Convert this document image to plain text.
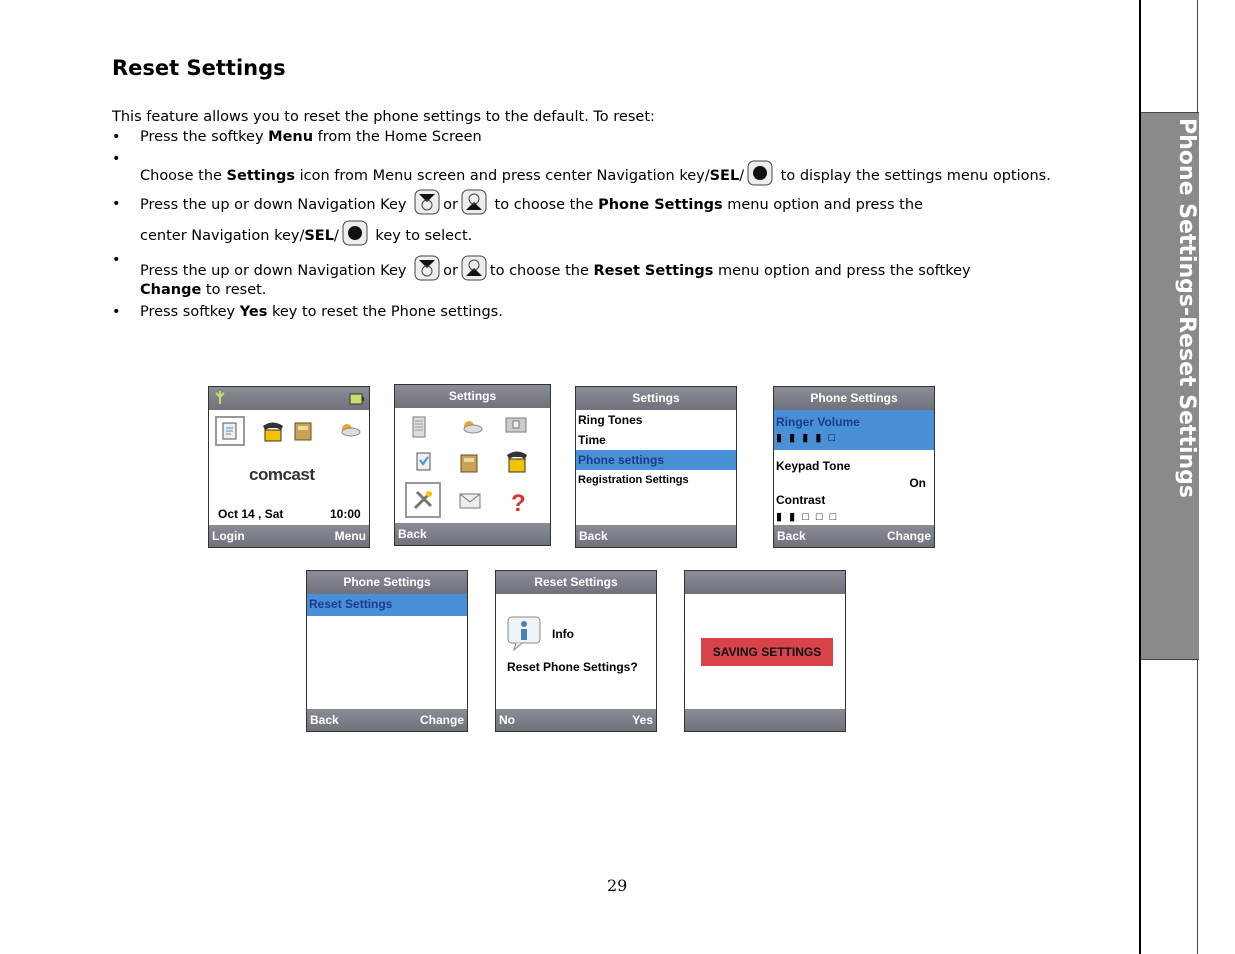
Reset Settings
This feature allows you to reset the phone settings to the default. To reset:
• Press the softkey Menu from the Home Screen
• Choose the Settings icon from Menu screen and press center Navigation key/SEL/ to display the settings menu options.
• Press the up or down Navigation Key or to choose the Phone Settings menu option and press the
center Navigation key/SEL/ key to select.
• Press the up or down Navigation Key or to choose the Reset Settings menu option and press the softkey
Change to reset.
• Press softkey Yes key to reset the Phone settings.
comcast
Oct 14 , Sat	10:00
Login	Menu
Settings
?
Back
Settings
Ring Tones
Time
Phone settings
Registration Settings
Back
Phone Settings
Ringer Volume
▮ ▮ ▮ ▮ □
Keypad Tone
On
Contrast
▮ ▮ □ □ □
Back	Change
Phone Settings
Reset Settings
Back	Change
Reset Settings
Info
Reset Phone Settings?
No	Yes
SAVING SETTINGS
29
Phone Settings-Reset Settings
